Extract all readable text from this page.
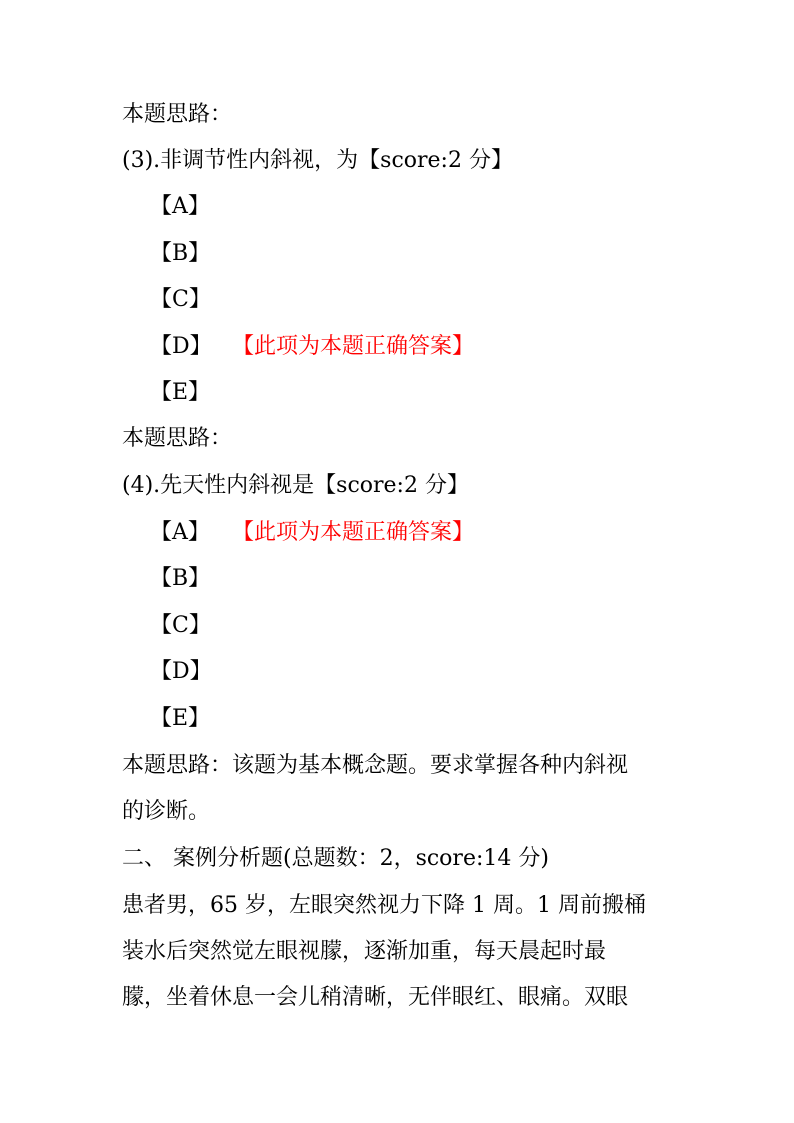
本题思路：
(3).非调节性内斜视，为【score:2 分】
【A】
【B】
【C】
【D】 【此项为本题正确答案】
【E】
本题思路：
(4).先天性内斜视是【score:2 分】
【A】 【此项为本题正确答案】
【B】
【C】
【D】
【E】
本题思路：该题为基本概念题。要求掌握各种内斜视
的诊断。
二、 案例分析题(总题数：2，score:14 分)
患者男，65 岁，左眼突然视力下降 1 周。1 周前搬桶
装水后突然觉左眼视朦，逐渐加重，每天晨起时最
朦，坐着休息一会儿稍清晰，无伴眼红、眼痛。双眼
